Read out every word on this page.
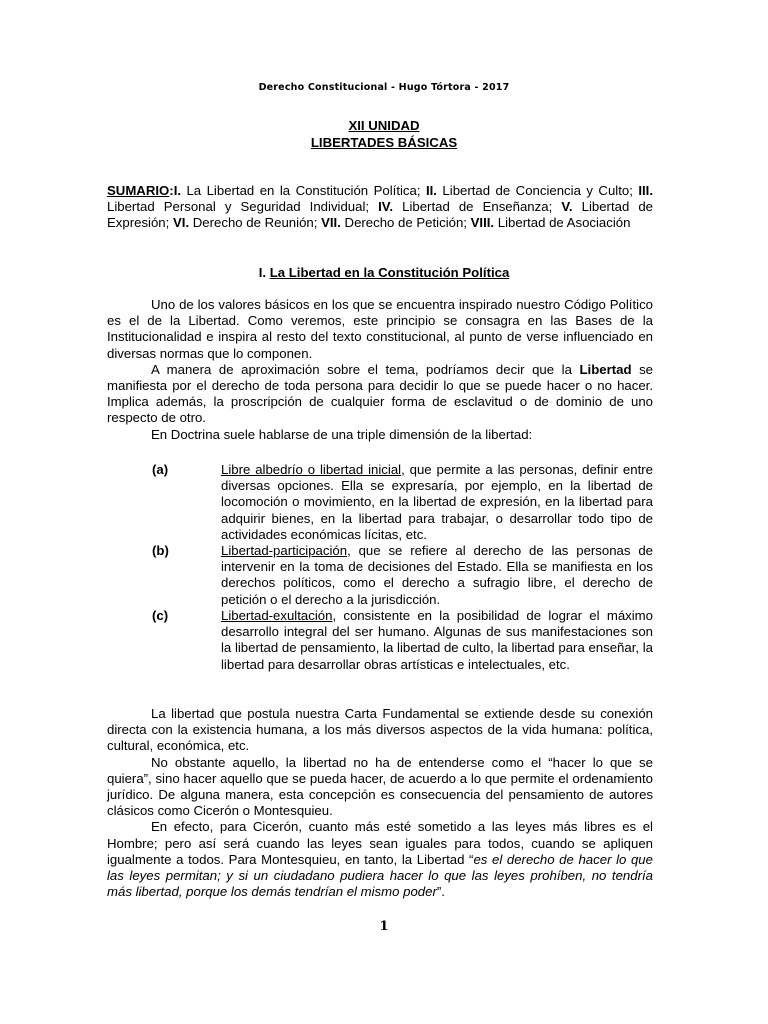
Derecho Constitucional - Hugo Tórtora - 2017
XII UNIDAD
LIBERTADES BÁSICAS

SUMARIO:I. La Libertad en la Constitución Política; II. Libertad de Conciencia y Culto; III. Libertad Personal y Seguridad Individual; IV. Libertad de Enseñanza; V. Libertad de Expresión; VI. Derecho de Reunión; VII. Derecho de Petición; VIII. Libertad de Asociación

I. La Libertad en la Constitución Política

Uno de los valores básicos en los que se encuentra inspirado nuestro Código Político es el de la Libertad. Como veremos, este principio se consagra en las Bases de la Institucionalidad e inspira al resto del texto constitucional, al punto de verse influenciado en diversas normas que lo componen.

A manera de aproximación sobre el tema, podríamos decir que la Libertad se manifiesta por el derecho de toda persona para decidir lo que se puede hacer o no hacer. Implica además, la proscripción de cualquier forma de esclavitud o de dominio de uno respecto de otro.

En Doctrina suele hablarse de una triple dimensión de la libertad:

(a)	Libre albedrío o libertad inicial, que permite a las personas, definir entre diversas opciones. Ella se expresaría, por ejemplo, en la libertad de locomoción o movimiento, en la libertad de expresión, en la libertad para adquirir bienes, en la libertad para trabajar, o desarrollar todo tipo de actividades económicas lícitas, etc.
(b)	Libertad-participación, que se refiere al derecho de las personas de intervenir en la toma de decisiones del Estado. Ella se manifiesta en los derechos políticos, como el derecho a sufragio libre, el derecho de petición o el derecho a la jurisdicción.
(c)	Libertad-exultación, consistente en la posibilidad de lograr el máximo desarrollo integral del ser humano. Algunas de sus manifestaciones son la libertad de pensamiento, la libertad de culto, la libertad para enseñar, la libertad para desarrollar obras artísticas e intelectuales, etc.

La libertad que postula nuestra Carta Fundamental se extiende desde su conexión directa con la existencia humana, a los más diversos aspectos de la vida humana: política, cultural, económica, etc.

No obstante aquello, la libertad no ha de entenderse como el “hacer lo que se quiera”, sino hacer aquello que se pueda hacer, de acuerdo a lo que permite el ordenamiento jurídico. De alguna manera, esta concepción es consecuencia del pensamiento de autores clásicos como Cicerón o Montesquieu.

En efecto, para Cicerón, cuanto más esté sometido a las leyes más libres es el Hombre; pero así será cuando las leyes sean iguales para todos, cuando se apliquen igualmente a todos. Para Montesquieu, en tanto, la Libertad “es el derecho de hacer lo que las leyes permitan; y si un ciudadano pudiera hacer lo que las leyes prohíben, no tendría más libertad, porque los demás tendrían el mismo poder”.

1
